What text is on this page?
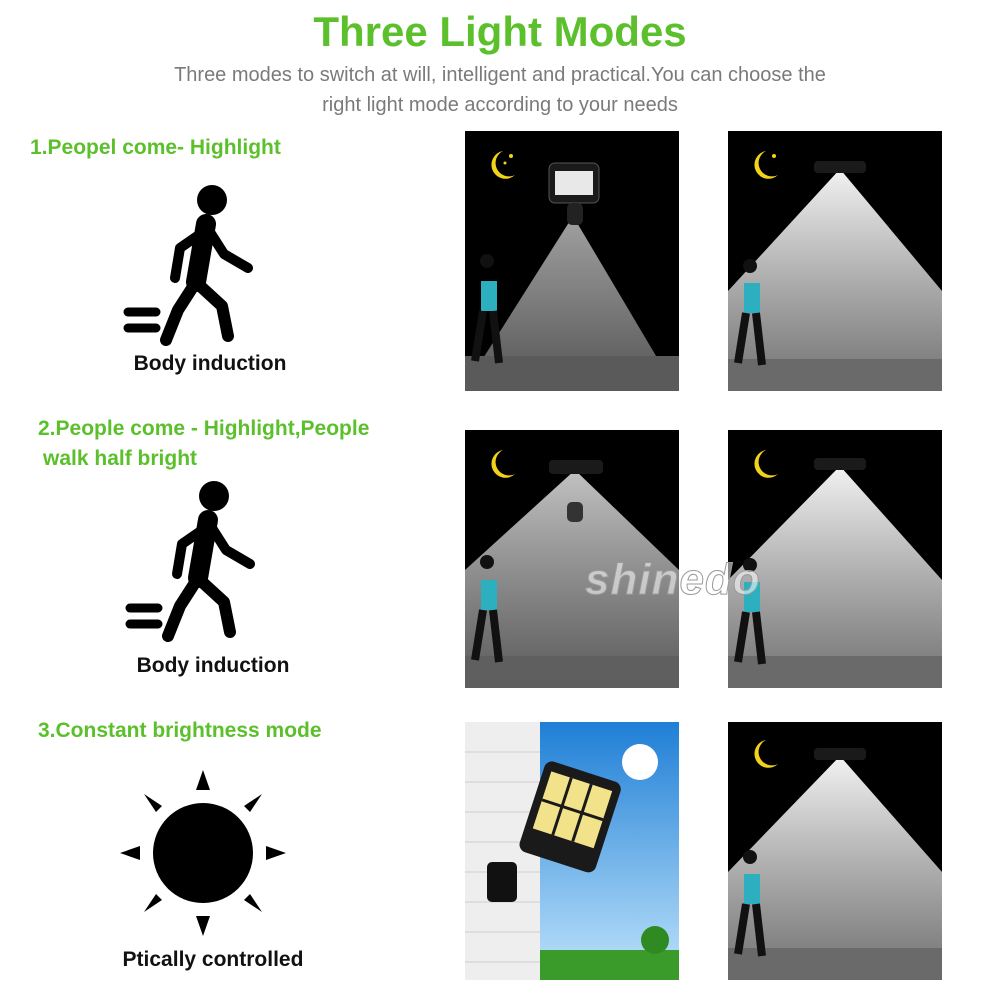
Three Light Modes
Three modes to switch at will, intelligent and practical.You can choose the
right light mode according to your needs
1.Peopel come- Highlight
Body induction
2.People come - Highlight,People
walk half bright
Body induction
3.Constant brightness mode
Ptically controlled
shinedo
